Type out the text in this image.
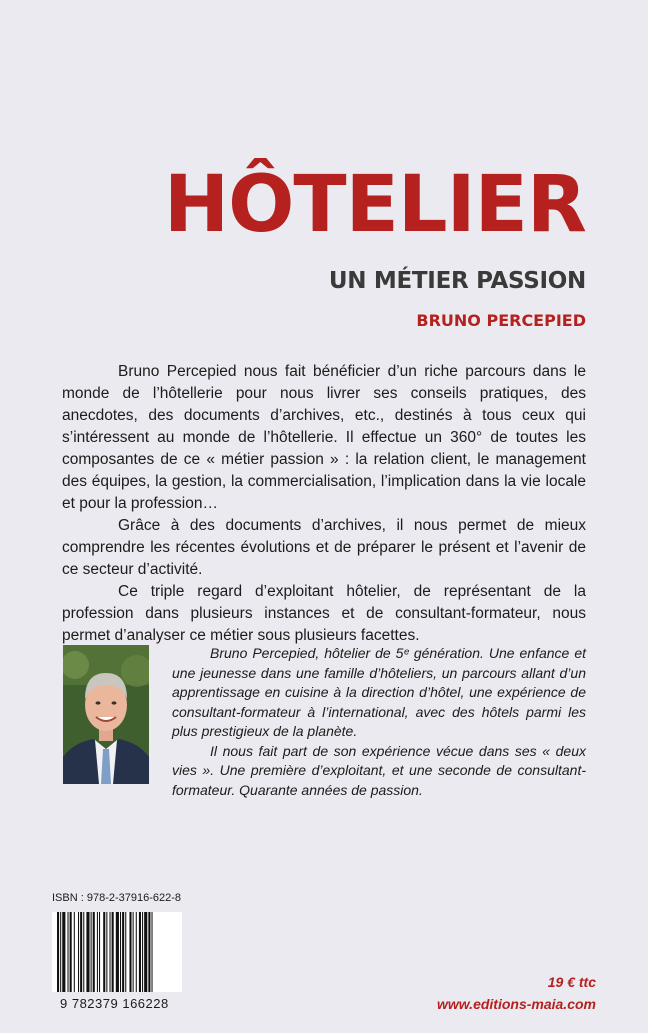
HÔTELIER
UN MÉTIER PASSION
BRUNO PERCEPIED

Bruno Percepied nous fait bénéficier d’un riche parcours dans le monde de l’hôtellerie pour nous livrer ses conseils pratiques, des anecdotes, des documents d’archives, etc., destinés à tous ceux qui s’intéressent au monde de l’hôtellerie. Il effectue un 360° de toutes les composantes de ce « métier passion » : la relation client, le management des équipes, la gestion, la commercialisation, l’implication dans la vie locale et pour la profession…

Grâce à des documents d’archives, il nous permet de mieux comprendre les récentes évolutions et de préparer le présent et l’avenir de ce secteur d’activité.

Ce triple regard d’exploitant hôtelier, de représentant de la profession dans plusieurs instances et de consultant-formateur, nous permet d’analyser ce métier sous plusieurs facettes.

Bruno Percepied, hôtelier de 5ᵉ génération. Une enfance et une jeunesse dans une famille d’hôteliers, un parcours allant d’un apprentissage en cuisine à la direction d’hôtel, une expérience de consultant-formateur à l’international, avec des hôtels parmi les plus prestigieux de la planète.

Il nous fait part de son expérience vécue dans ses « deux vies ». Une première d’exploitant, et une seconde de consultant-formateur. Quarante années de passion.

ISBN : 978-2-37916-622-8
9 782379 166228
19 € ttc
www.editions-maia.com
